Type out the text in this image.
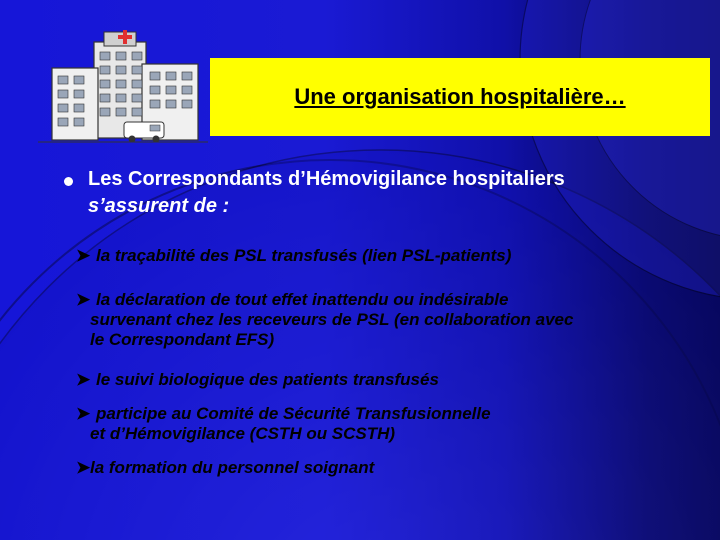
Une organisation hospitalière…

Les Correspondants d’Hémovigilance hospitaliers
s’assurent de :

➤ la traçabilité des PSL transfusés (lien PSL-patients)

➤ la déclaration de tout effet inattendu ou indésirable
survenant chez les receveurs de PSL (en collaboration avec
le Correspondant EFS)

➤ le suivi biologique des patients transfusés

➤ participe au Comité de Sécurité Transfusionnelle
et d’Hémovigilance (CSTH ou SCSTH)

➤la formation du personnel soignant
